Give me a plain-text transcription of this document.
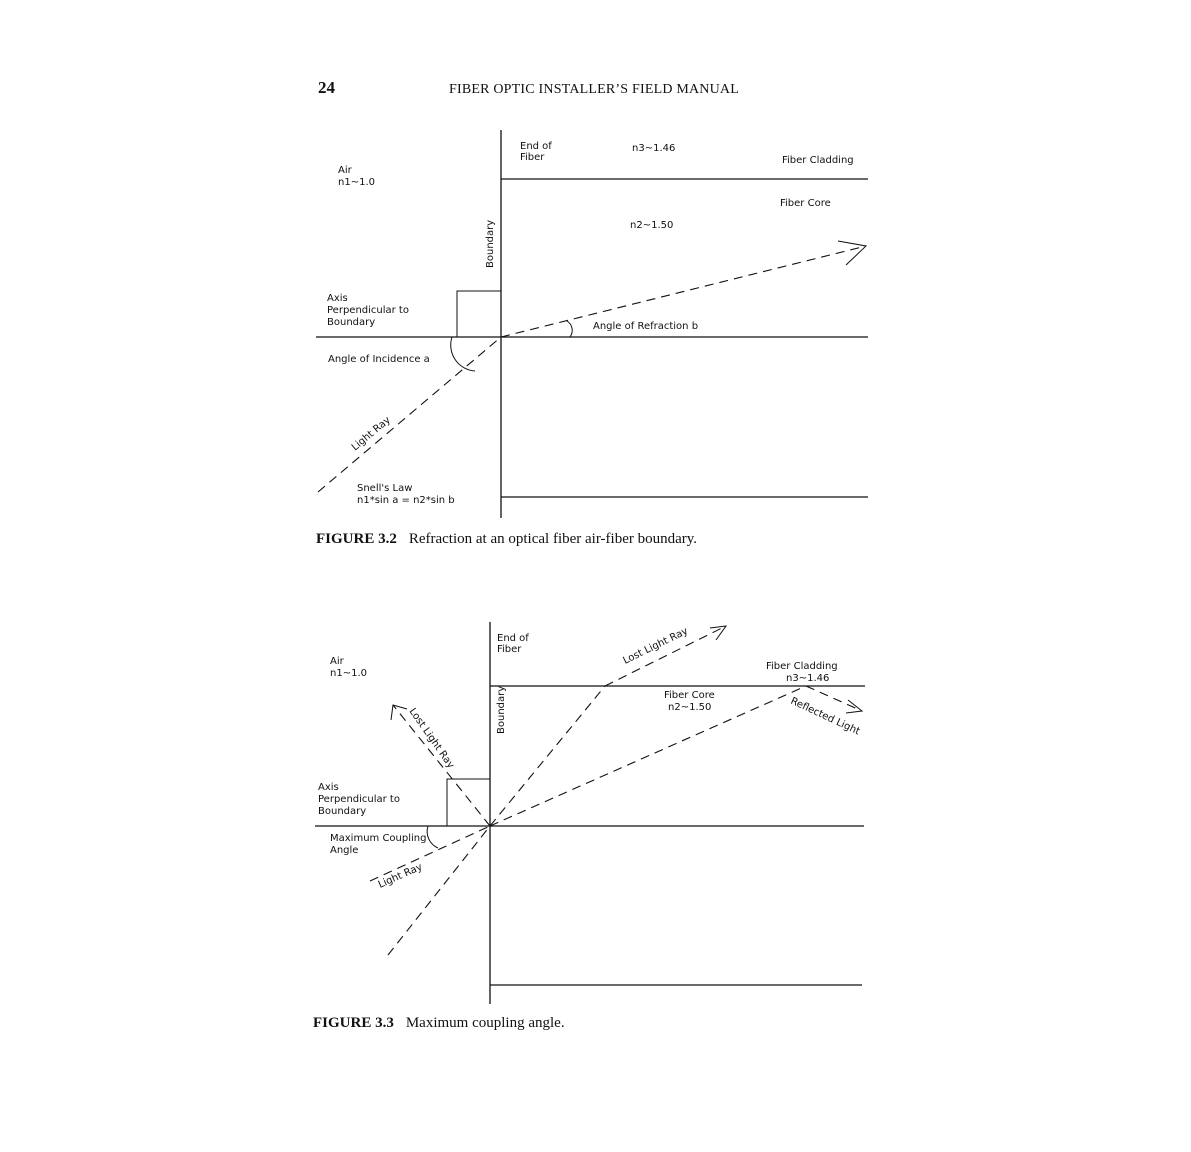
24	FIBER OPTIC INSTALLER’S FIELD MANUAL
Air
n1~1.0
End of
Fiber
n3~1.46
Fiber Cladding
Fiber Core
n2~1.50
Boundary
Axis
Perpendicular to
Boundary	Angle of Refraction b
Angle of Incidence a
Light Ray
Snell's Law
n1*sin a = n2*sin b
Air
n1~1.0
End of
Fiber	Lost Light Ray	Fiber Cladding
n3~1.46
Fiber Core
n2~1.50	Reflected Light
Boundary
Lost Light Ray
Axis
Perpendicular to
Boundary
Maximum Coupling
Angle
Light Ray
FIGURE 3.2 Refraction at an optical fiber air-fiber boundary.
FIGURE 3.3 Maximum coupling angle.
